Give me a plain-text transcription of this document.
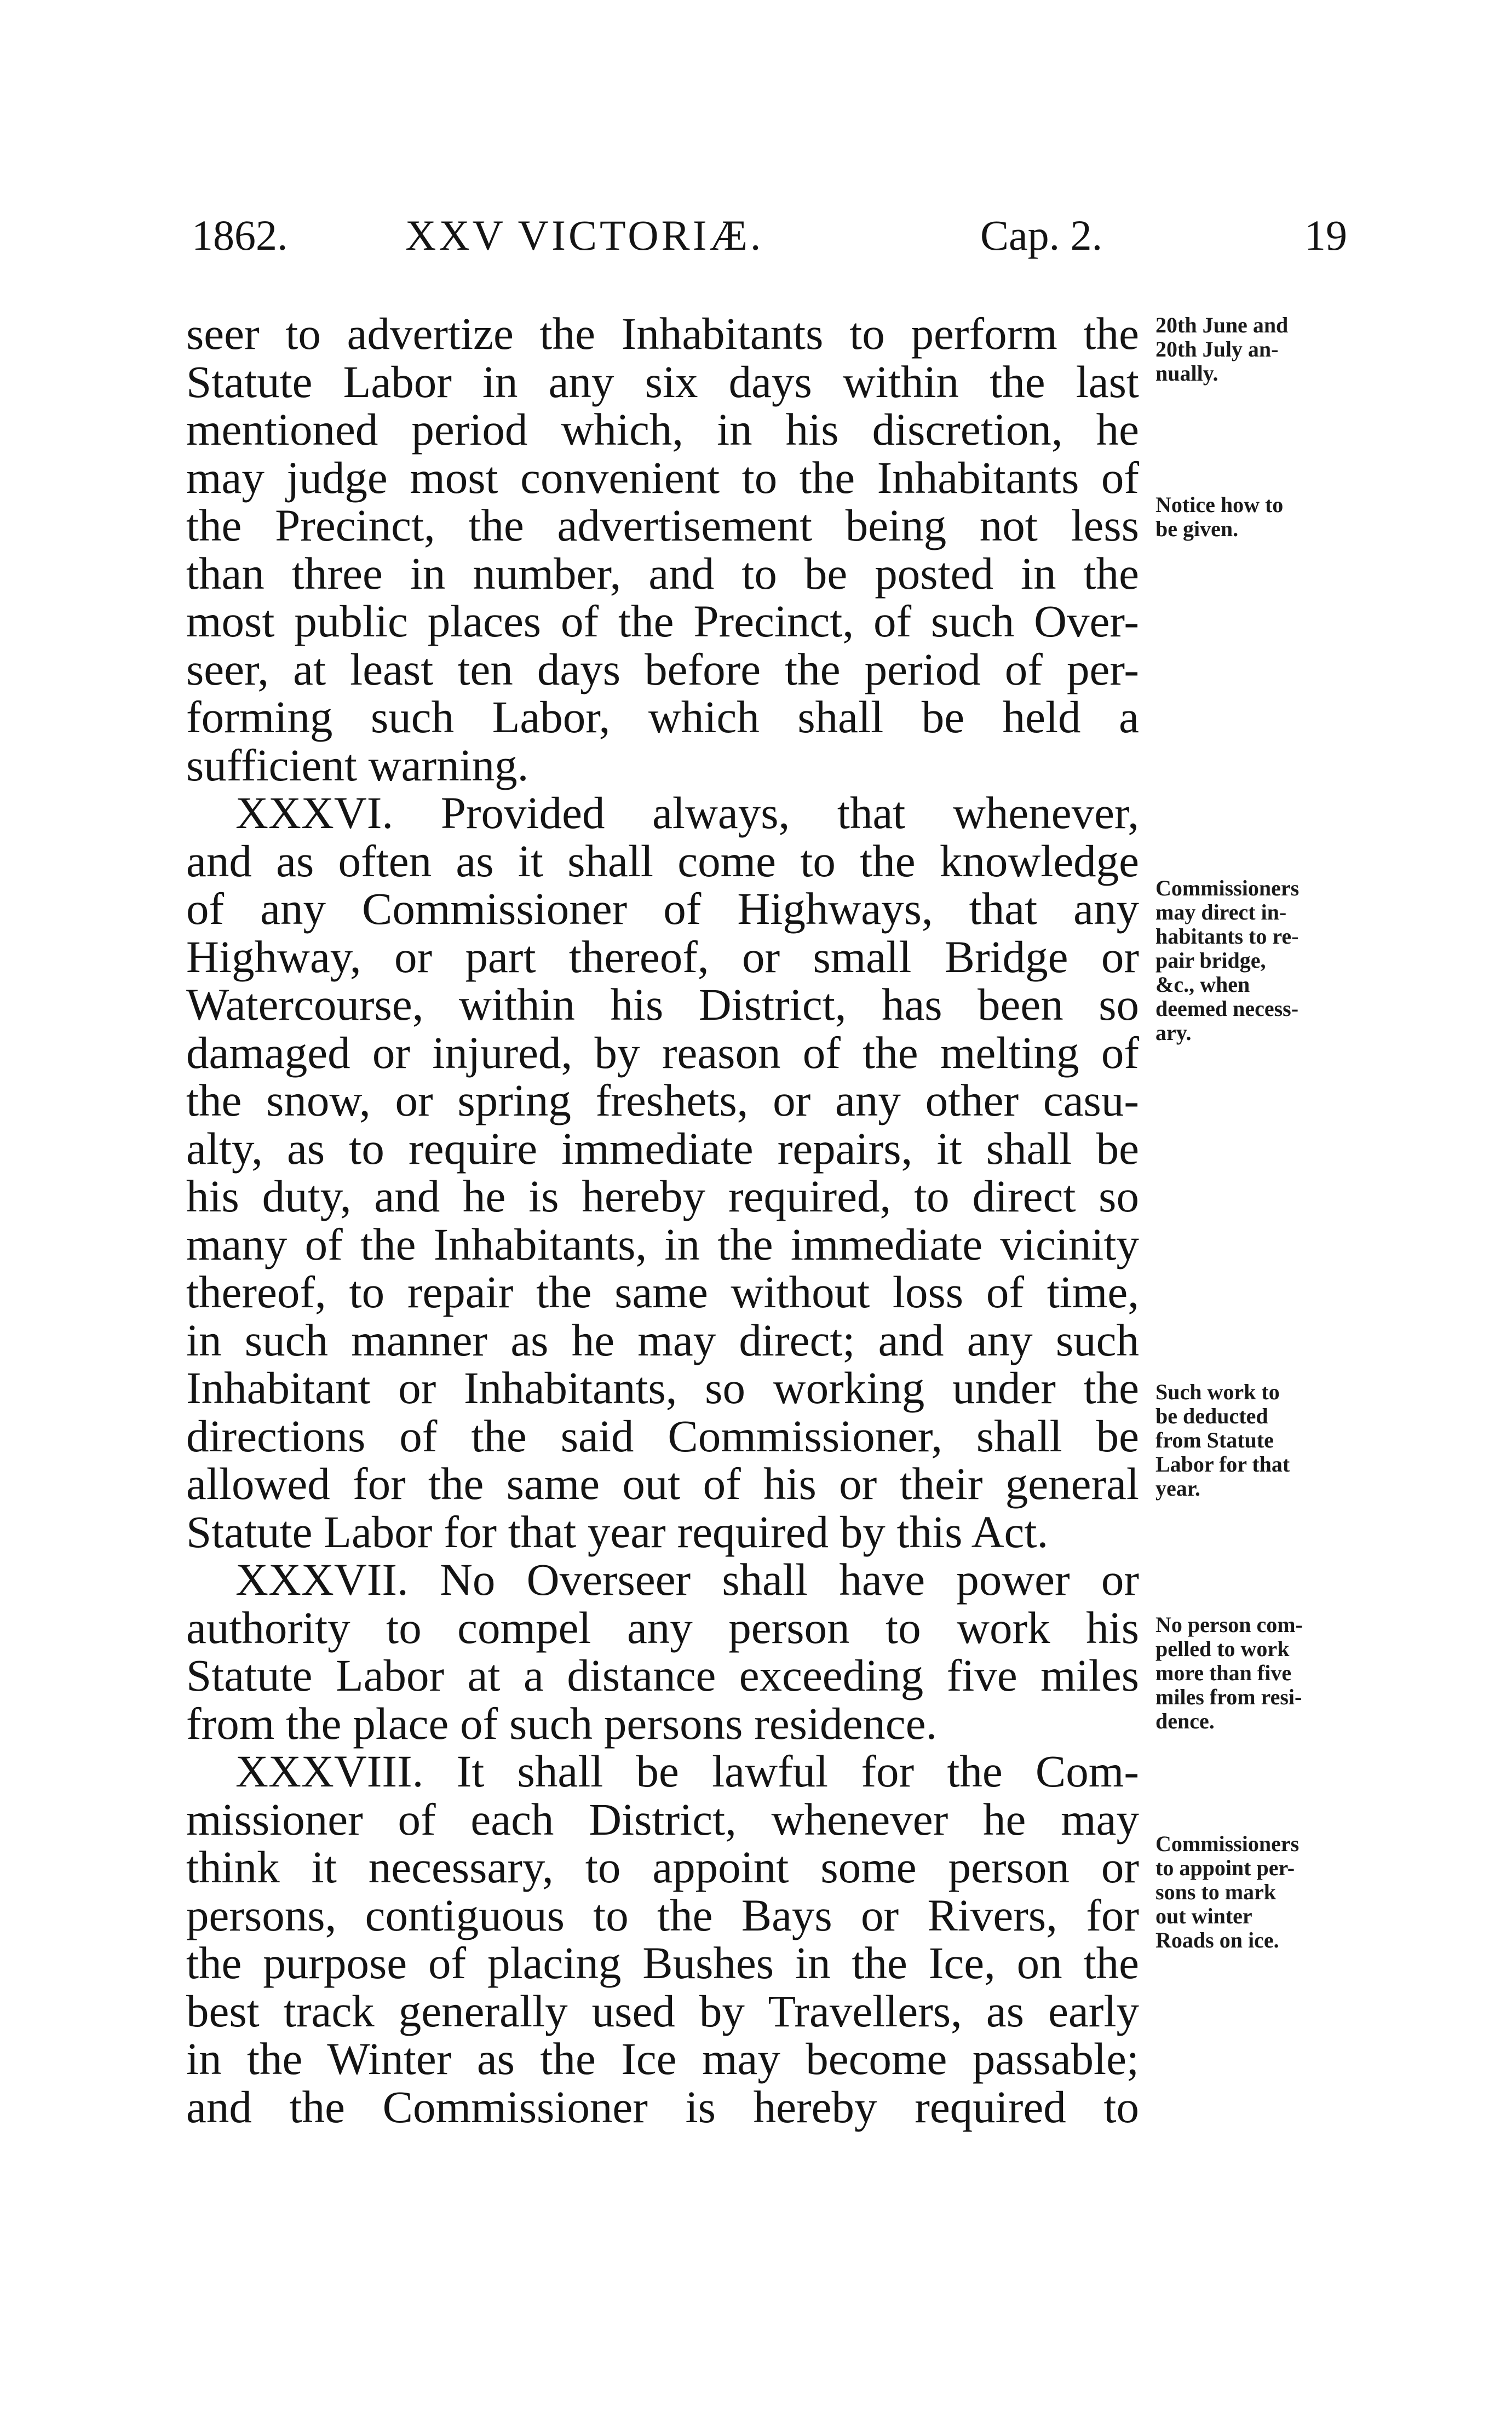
1862.	XXV VICTORIÆ.	Cap. 2.	19
seer to advertize the Inhabitants to perform the
Statute Labor in any six days within the last
mentioned period which, in his discretion, he
may judge most convenient to the Inhabitants of
the Precinct, the advertisement being not less
than three in number, and to be posted in the
most public places of the Precinct, of such Over-
seer, at least ten days before the period of per-
forming such Labor, which shall be held a
sufficient warning.
XXXVI. Provided always, that whenever,
and as often as it shall come to the knowledge
of any Commissioner of Highways, that any
Highway, or part thereof, or small Bridge or
Watercourse, within his District, has been so
damaged or injured, by reason of the melting of
the snow, or spring freshets, or any other casu-
alty, as to require immediate repairs, it shall be
his duty, and he is hereby required, to direct so
many of the Inhabitants, in the immediate vicinity
thereof, to repair the same without loss of time,
in such manner as he may direct; and any such
Inhabitant or Inhabitants, so working under the
directions of the said Commissioner, shall be
allowed for the same out of his or their general
Statute Labor for that year required by this Act.
XXXVII. No Overseer shall have power or
authority to compel any person to work his
Statute Labor at a distance exceeding five miles
from the place of such persons residence.
XXXVIII. It shall be lawful for the Com-
missioner of each District, whenever he may
think it necessary, to appoint some person or
persons, contiguous to the Bays or Rivers, for
the purpose of placing Bushes in the Ice, on the
best track generally used by Travellers, as early
in the Winter as the Ice may become passable;
and the Commissioner is hereby required to
20th June and
20th July an-
nually.
Notice how to
be given.
Commissioners
may direct in-
habitants to re-
pair bridge,
&c., when
deemed necess-
ary.
Such work to
be deducted
from Statute
Labor for that
year.
No person com-
pelled to work
more than five
miles from resi-
dence.
Commissioners
to appoint per-
sons to mark
out winter
Roads on ice.
